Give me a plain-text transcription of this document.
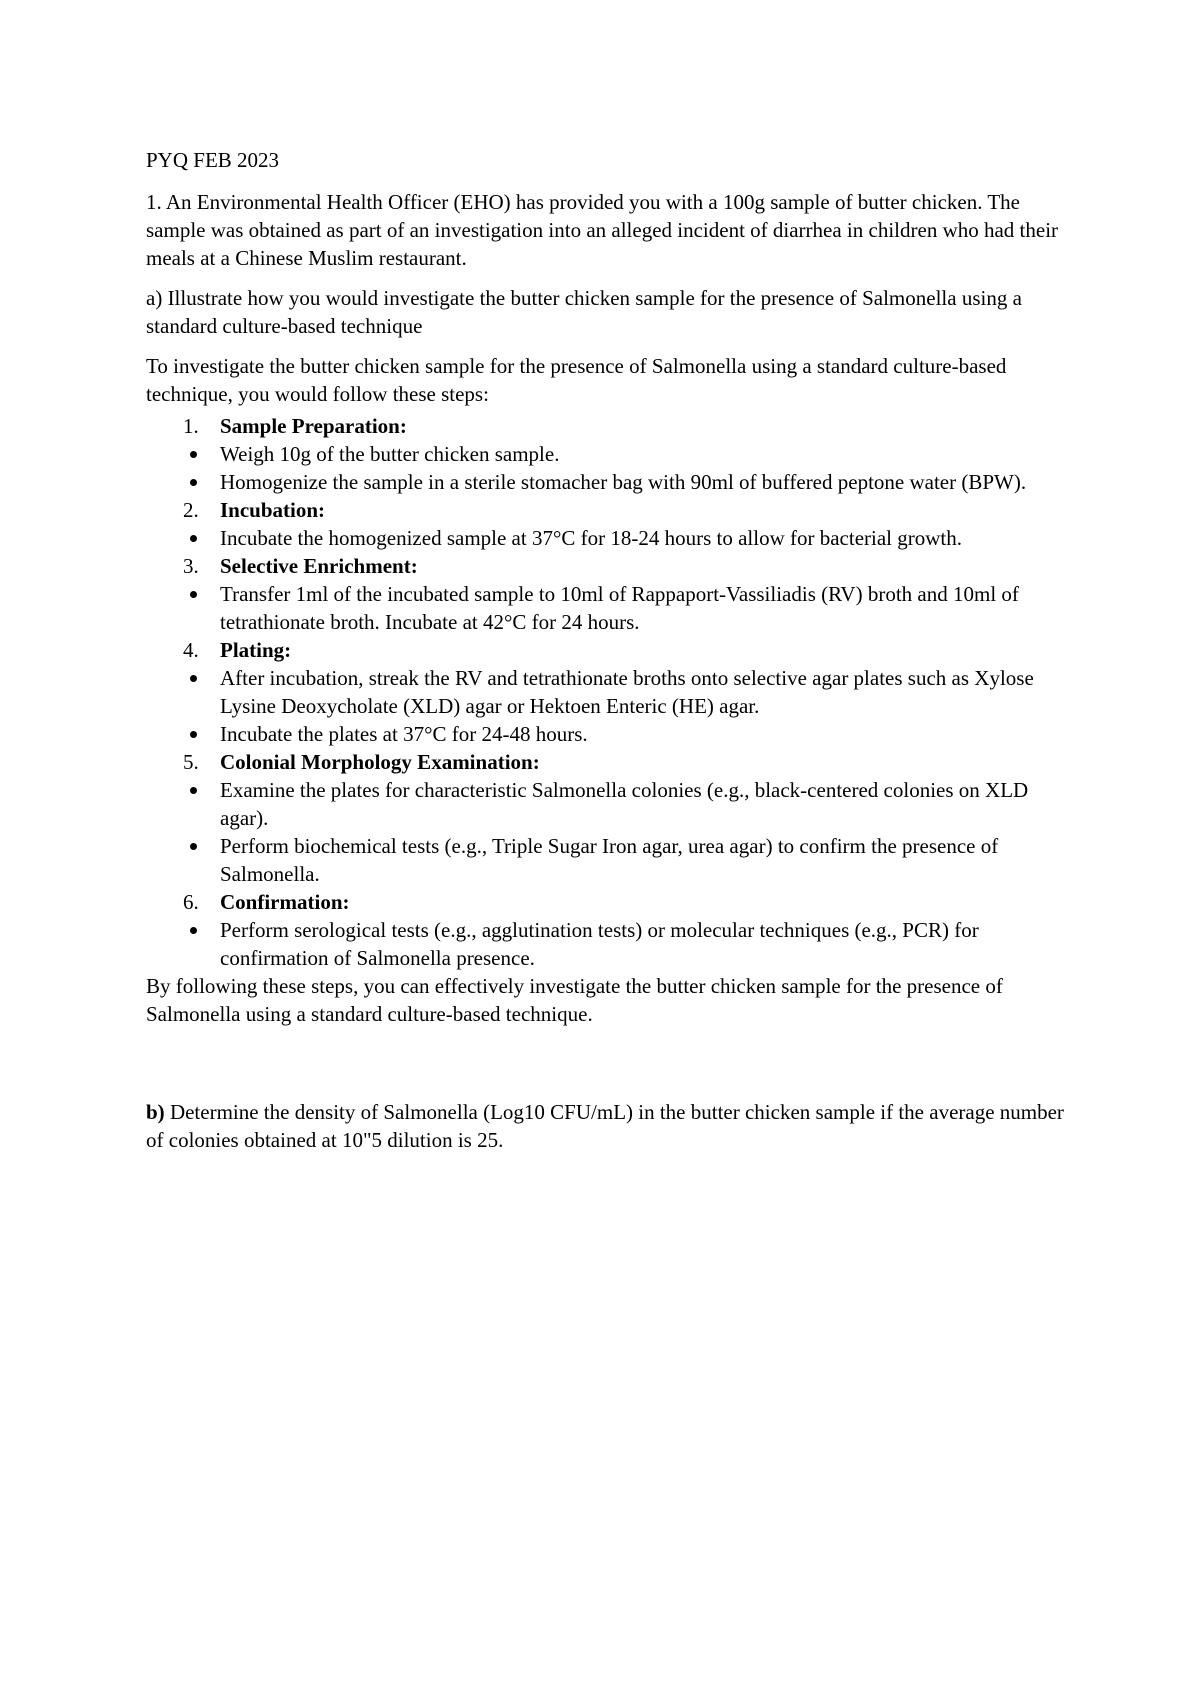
PYQ FEB 2023

1. An Environmental Health Officer (EHO) has provided you with a 100g sample of butter chicken. The sample was obtained as part of an investigation into an alleged incident of diarrhea in children who had their meals at a Chinese Muslim restaurant.

a) Illustrate how you would investigate the butter chicken sample for the presence of Salmonella using a standard culture-based technique

To investigate the butter chicken sample for the presence of Salmonella using a standard culture-based technique, you would follow these steps:

1. Sample Preparation:
Weigh 10g of the butter chicken sample.
Homogenize the sample in a sterile stomacher bag with 90ml of buffered peptone water (BPW).
2. Incubation:
Incubate the homogenized sample at 37°C for 18-24 hours to allow for bacterial growth.
3. Selective Enrichment:
Transfer 1ml of the incubated sample to 10ml of Rappaport-Vassiliadis (RV) broth and 10ml of tetrathionate broth. Incubate at 42°C for 24 hours.
4. Plating:
After incubation, streak the RV and tetrathionate broths onto selective agar plates such as Xylose Lysine Deoxycholate (XLD) agar or Hektoen Enteric (HE) agar.
Incubate the plates at 37°C for 24-48 hours.
5. Colonial Morphology Examination:
Examine the plates for characteristic Salmonella colonies (e.g., black-centered colonies on XLD agar).
Perform biochemical tests (e.g., Triple Sugar Iron agar, urea agar) to confirm the presence of Salmonella.
6. Confirmation:
Perform serological tests (e.g., agglutination tests) or molecular techniques (e.g., PCR) for confirmation of Salmonella presence.

By following these steps, you can effectively investigate the butter chicken sample for the presence of Salmonella using a standard culture-based technique.

b) Determine the density of Salmonella (Log10 CFU/mL) in the butter chicken sample if the average number of colonies obtained at 10"5 dilution is 25.
